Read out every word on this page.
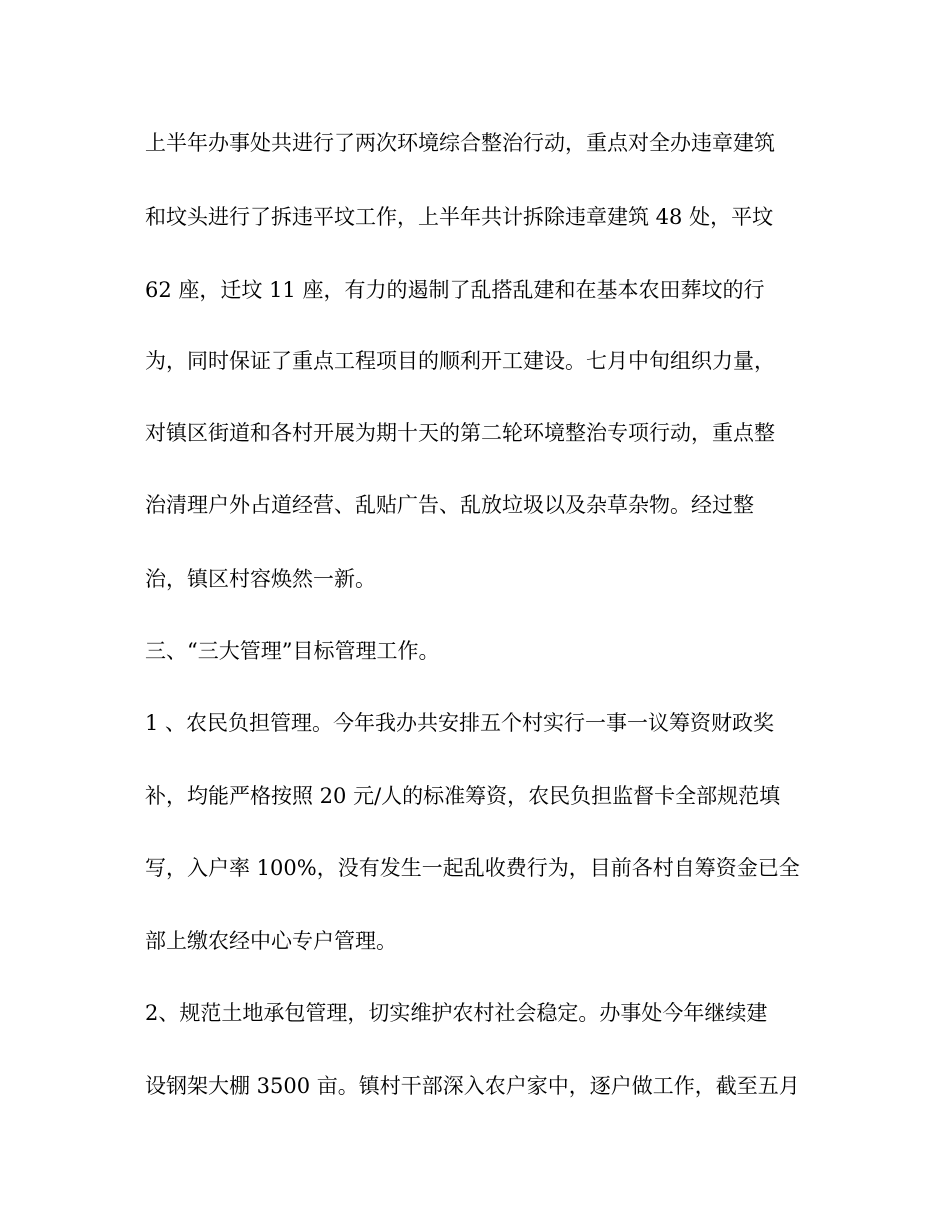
上半年办事处共进行了两次环境综合整治行动，重点对全办违章建筑
和坟头进行了拆违平坟工作，上半年共计拆除违章建筑 48 处，平坟
62 座，迁坟 11 座，有力的遏制了乱搭乱建和在基本农田葬坟的行
为，同时保证了重点工程项目的顺利开工建设。七月中旬组织力量，
对镇区街道和各村开展为期十天的第二轮环境整治专项行动，重点整
治清理户外占道经营、乱贴广告、乱放垃圾以及杂草杂物。经过整
治，镇区村容焕然一新。
三、“三大管理”目标管理工作。
1 、农民负担管理。今年我办共安排五个村实行一事一议筹资财政奖
补，均能严格按照 20 元/人的标准筹资，农民负担监督卡全部规范填
写，入户率 100%，没有发生一起乱收费行为，目前各村自筹资金已全
部上缴农经中心专户管理。
2、规范土地承包管理，切实维护农村社会稳定。办事处今年继续建
设钢架大棚 3500 亩。镇村干部深入农户家中，逐户做工作，截至五月
